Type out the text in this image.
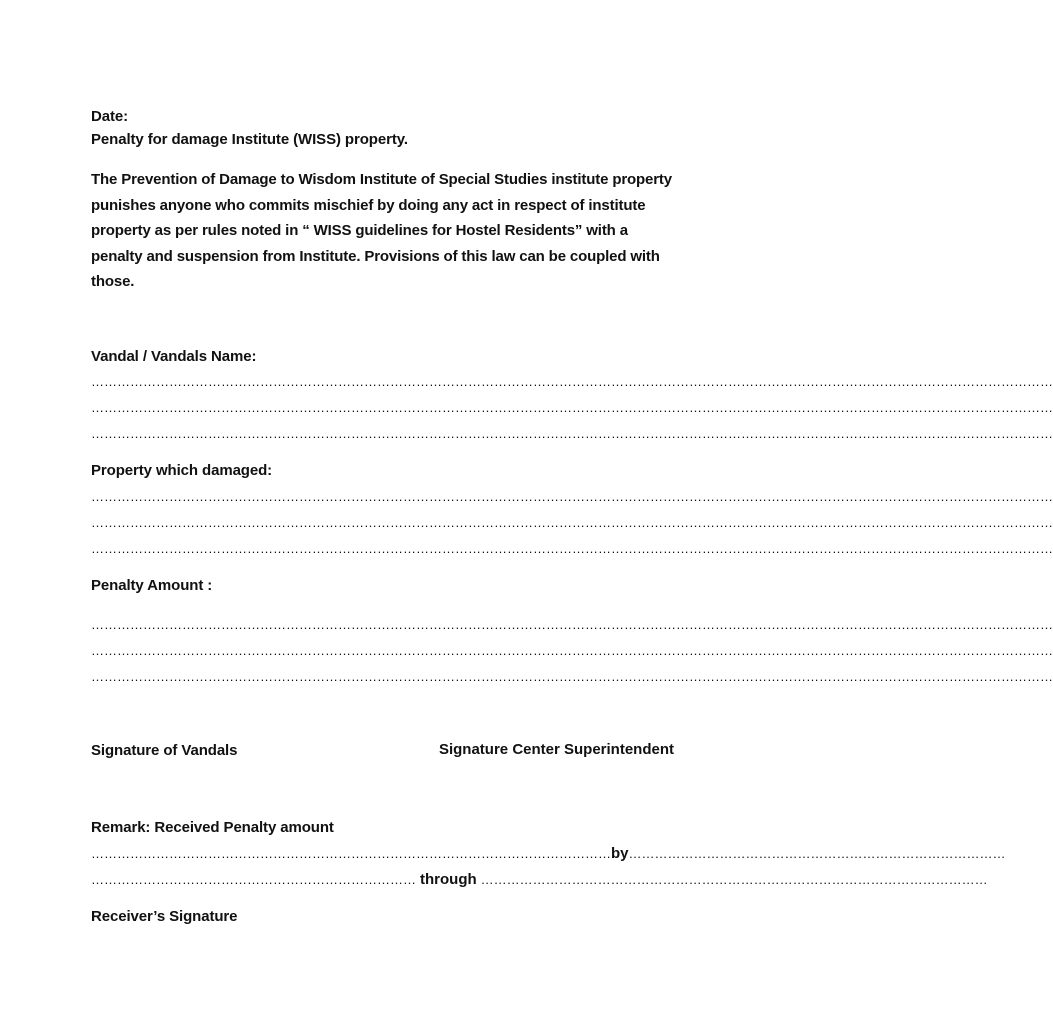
Date:
Penalty for damage Institute (WISS) property.
The Prevention of Damage to Wisdom Institute of Special Studies institute property punishes anyone who commits mischief by doing any act in respect of institute property as per rules noted in “ WISS guidelines for Hostel Residents” with a penalty and suspension from Institute. Provisions of this law can be coupled with those.
Vandal / Vandals Name:
……………………………………………………………………………………………………………………………………………………………………………………………………
……………………………………………………………………………………………………………………………………………………………………………………………………
……………………………………………………………………………………………………………………………………………………………………………………………………
Property which damaged:
……………………………………………………………………………………………………………………………………………………………………………………………………
……………………………………………………………………………………………………………………………………………………………………………………………………
……………………………………………………………………………………………………………………………………………………………………………………………………
Penalty Amount :
……………………………………………………………………………………………………………………………………………………………………………………………………
……………………………………………………………………………………………………………………………………………………………………………………………………
……………………………………………………………………………………………………………………………………………………………………………………………………
Signature of Vandals	Signature Center Superintendent
Remark: Received Penalty amount
…………………………………………………………………………………………………………by……………………………………………………………………………
………………………………………………………………… through ………………………………………………………………………………………………………
Receiver’s Signature
